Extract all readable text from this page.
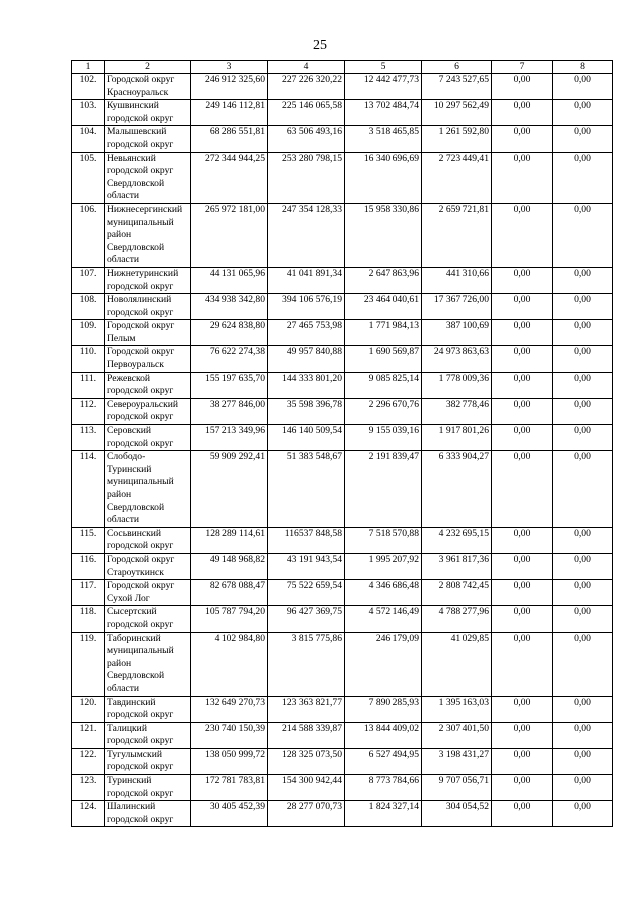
25
1	2	3	4	5	6	7	8
102.	Городской округ Красноуральск	246 912 325,60	227 226 320,22	12 442 477,73	7 243 527,65	0,00	0,00
103.	Кушвинский городской округ	249 146 112,81	225 146 065,58	13 702 484,74	10 297 562,49	0,00	0,00
104.	Малышевский городской округ	68 286 551,81	63 506 493,16	3 518 465,85	1 261 592,80	0,00	0,00
105.	Невьянский городской округ Свердловской области	272 344 944,25	253 280 798,15	16 340 696,69	2 723 449,41	0,00	0,00
106.	Нижнесергинский муниципальный район Свердловской области	265 972 181,00	247 354 128,33	15 958 330,86	2 659 721,81	0,00	0,00
107.	Нижнетуринский городской округ	44 131 065,96	41 041 891,34	2 647 863,96	441 310,66	0,00	0,00
108.	Новолялинский городской округ	434 938 342,80	394 106 576,19	23 464 040,61	17 367 726,00	0,00	0,00
109.	Городской округ Пелым	29 624 838,80	27 465 753,98	1 771 984,13	387 100,69	0,00	0,00
110.	Городской округ Первоуральск	76 622 274,38	49 957 840,88	1 690 569,87	24 973 863,63	0,00	0,00
111.	Режевской городской округ	155 197 635,70	144 333 801,20	9 085 825,14	1 778 009,36	0,00	0,00
112.	Североуральский городской округ	38 277 846,00	35 598 396,78	2 296 670,76	382 778,46	0,00	0,00
113.	Серовский городской округ	157 213 349,96	146 140 509,54	9 155 039,16	1 917 801,26	0,00	0,00
114.	Слободо-Туринский муниципальный район Свердловской области	59 909 292,41	51 383 548,67	2 191 839,47	6 333 904,27	0,00	0,00
115.	Сосьвинский городской округ	128 289 114,61	116537 848,58	7 518 570,88	4 232 695,15	0,00	0,00
116.	Городской округ Староуткинск	49 148 968,82	43 191 943,54	1 995 207,92	3 961 817,36	0,00	0,00
117.	Городской округ Сухой Лог	82 678 088,47	75 522 659,54	4 346 686,48	2 808 742,45	0,00	0,00
118.	Сысертский городской округ	105 787 794,20	96 427 369,75	4 572 146,49	4 788 277,96	0,00	0,00
119.	Таборинский муниципальный район Свердловской области	4 102 984,80	3 815 775,86	246 179,09	41 029,85	0,00	0,00
120.	Тавдинский городской округ	132 649 270,73	123 363 821,77	7 890 285,93	1 395 163,03	0,00	0,00
121.	Талицкий городской округ	230 740 150,39	214 588 339,87	13 844 409,02	2 307 401,50	0,00	0,00
122.	Тугулымский городской округ	138 050 999,72	128 325 073,50	6 527 494,95	3 198 431,27	0,00	0,00
123.	Туринский городской округ	172 781 783,81	154 300 942,44	8 773 784,66	9 707 056,71	0,00	0,00
124.	Шалинский городской округ	30 405 452,39	28 277 070,73	1 824 327,14	304 054,52	0,00	0,00
